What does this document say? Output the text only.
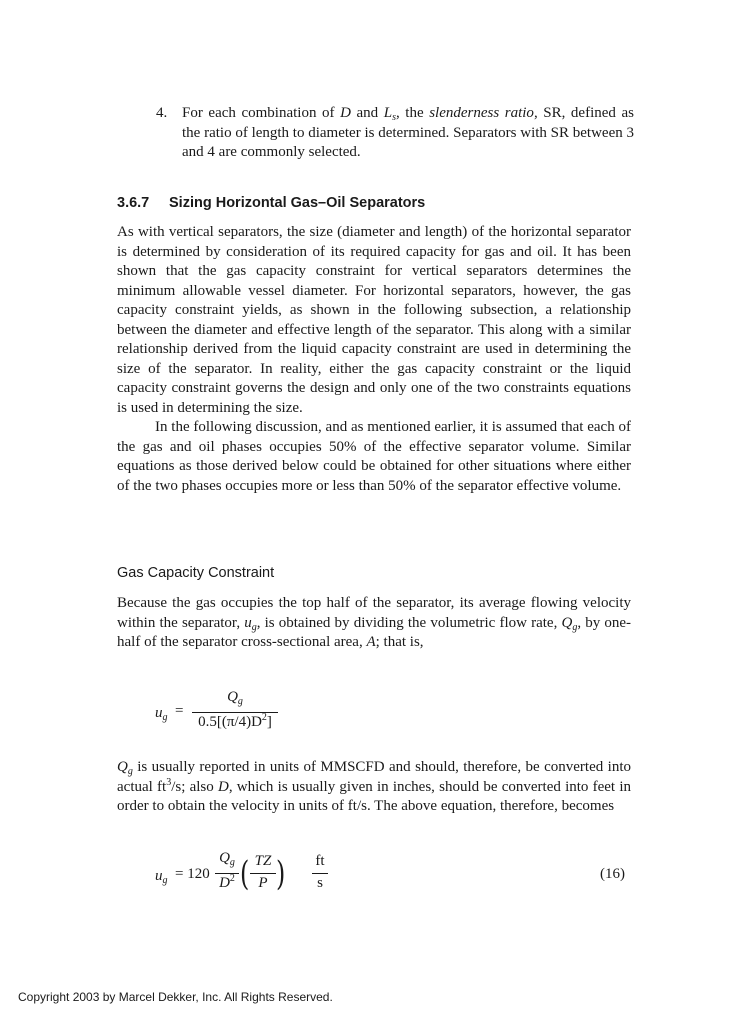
4. For each combination of D and $L_s$, the slenderness ratio, SR, defined as the ratio of length to diameter is determined. Separators with SR between 3 and 4 are commonly selected.
3.6.7 Sizing Horizontal Gas–Oil Separators

As with vertical separators, the size (diameter and length) of the horizontal separator is determined by consideration of its required capacity for gas and oil. It has been shown that the gas capacity constraint for vertical separators determines the minimum allowable vessel diameter. For horizontal separators, however, the gas capacity constraint yields, as shown in the following subsection, a relationship between the diameter and effective length of the separator. This along with a similar relationship derived from the liquid capacity constraint are used in determining the size of the separator. In reality, either the gas capacity constraint or the liquid capacity constraint governs the design and only one of the two constraints equations is used in determining the size.

In the following discussion, and as mentioned earlier, it is assumed that each of the gas and oil phases occupies 50% of the effective separator volume. Similar equations as those derived below could be obtained for other situations where either of the two phases occupies more or less than 50% of the separator effective volume.

Gas Capacity Constraint
Because the gas occupies the top half of the separator, its average flowing velocity within the separator, $u_g$, is obtained by dividing the volumetric flow rate, $Q_g$, by one-half of the separator cross-sectional area, A; that is,
$u_g$ =
$Q_g$
$0.5[(\pi/4)D^2]$
$Q_g$ is usually reported in units of MMSCFD and should, therefore, be converted into actual $ft^3/s$; also D, which is usually given in inches, should be converted into feet in order to obtain the velocity in units of ft/s. The above equation, therefore, becomes
$u_g = 120$
$Q_g$
$D^2$ ( TZ
P ) ft
s
(16)
Copyright 2003 by Marcel Dekker, Inc. All Rights Reserved.
